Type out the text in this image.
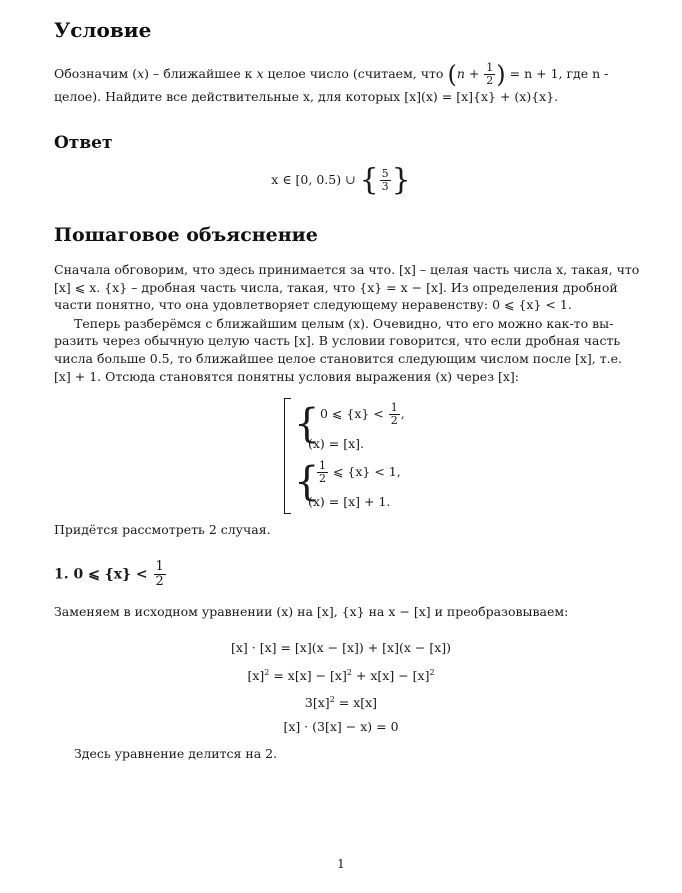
Условие

Обозначим (x) – ближайшее к x целое число (считаем, что ($n + \frac{1}{2}$ ) = n + 1, где n -

целое). Найдите все действительные x, для которых [x](x) = [x]{x} + (x){x}.

Ответ

x ∈ [0, 0.5) ∪ { $\frac{5}{3}$ }

Пошаговое объяснение

Сначала обговорим, что здесь принимается за что. [x] – целая часть числа x, такая, что

[x] ⩽ x. {x} – дробная часть числа, такая, что {x} = x − [x]. Из определения дробной

части понятно, что она удовлетворяет следующему неравенству: 0 ⩽ {x} < 1.

Теперь разберёмся с ближайшим целым (x). Очевидно, что его можно как-то вы-

разить через обычную целую часть [x]. В условии говорится, что если дробная часть

числа больше 0.5, то ближайшее целое становится следующим числом после [x], т.е.

[x] + 1. Отсюда становятся понятны условия выражения (x) через [x]:

{
{
0 ⩽ $\{x\} < \frac{1}{2}$ ,
(x) = [x].
$\frac{1}{2}$ ⩽ {x} < 1,
(x) = [x] + 1.

Придётся рассмотреть 2 случая.

1. 0 ⩽ $\{x\} < \frac{1}{2}$

Заменяем в исходном уравнении (x) на [x], {x} на x − [x] и преобразовываем:

[x] · [x] = [x](x − [x]) + [x](x − [x])

$[x]^2 = x[x] - [x]^2 + x[x] - [x]^2$

$3[x]^2 = x[x]$

[x] · (3[x] − x) = 0

Здесь уравнение делится на 2.

1
